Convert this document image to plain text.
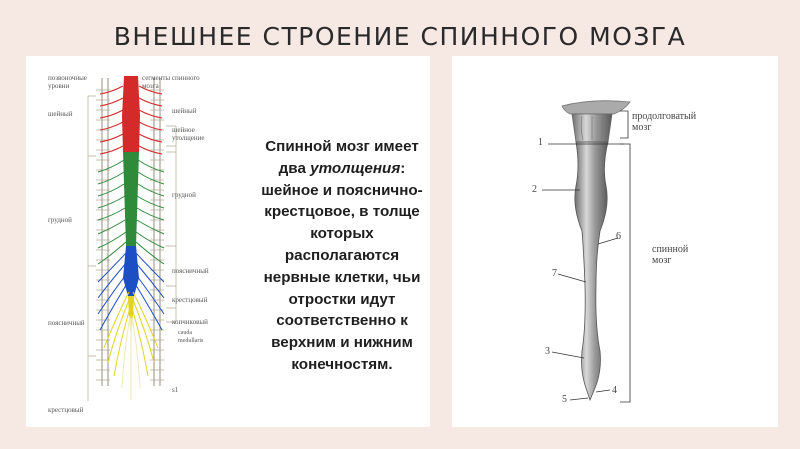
ВНЕШНЕЕ СТРОЕНИЕ СПИННОГО МОЗГА
позвоночные уровни
сегменты спинного мозга
шейный
грудной
поясничный
крестцовый
шейный
шейное утолщение
грудной
поясничный
крестцовый
копчиковый
cauda medullaris
s1
Спинной мозг имеет два утолщения: шейное и пояснично-крестцовое, в толще которых располагаются нервные клетки, чьи отростки идут соответственно к верхним и нижним конечностям.
продолговатый
мозг
спинной
мозг
1
2
6
7
3
4
5
